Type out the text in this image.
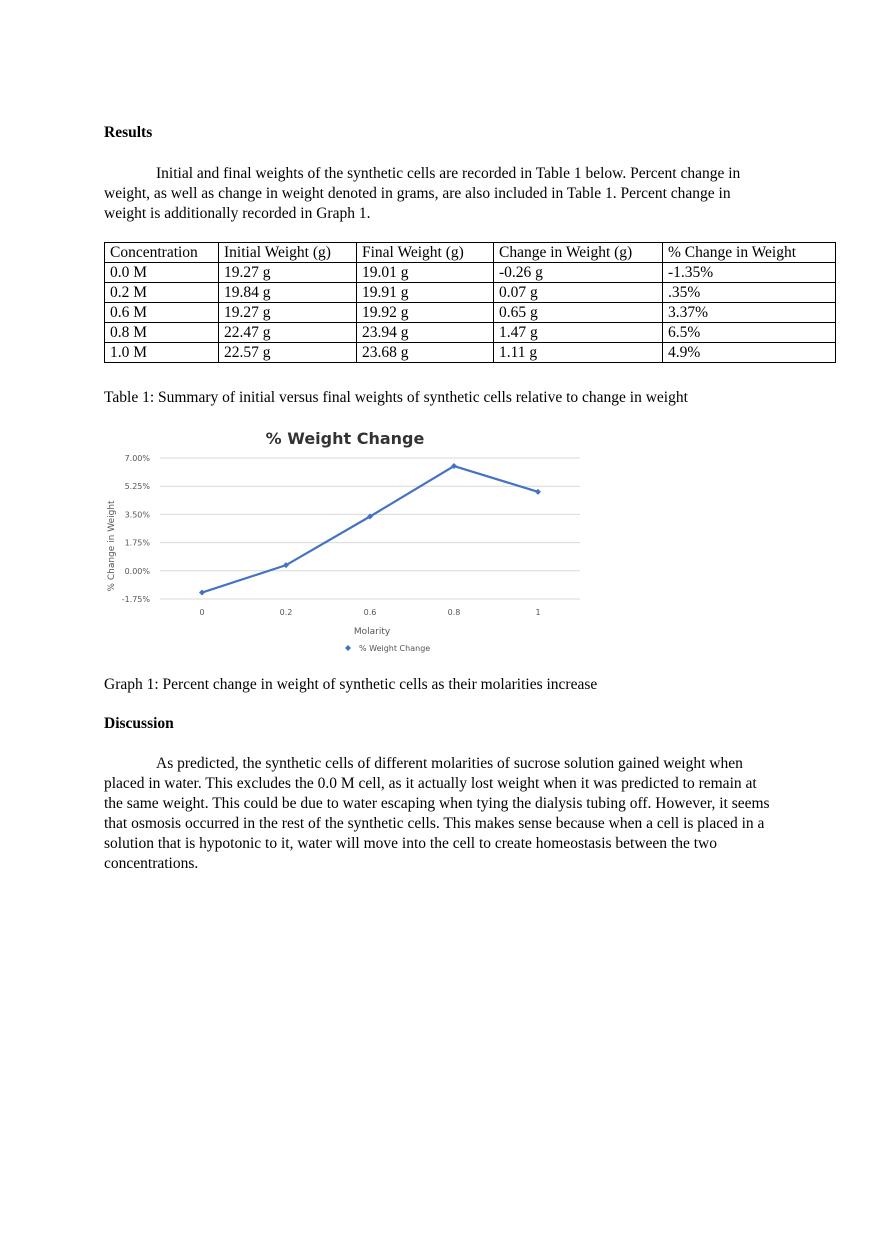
Results
Initial and final weights of the synthetic cells are recorded in Table 1 below. Percent change in weight, as well as change in weight denoted in grams, are also included in Table 1. Percent change in weight is additionally recorded in Graph 1.
Concentration	Initial Weight (g)	Final Weight (g)	Change in Weight (g)	% Change in Weight
0.0 M	19.27 g	19.01 g	-0.26 g	-1.35%
0.2 M	19.84 g	19.91 g	0.07 g	.35%
0.6 M	19.27 g	19.92 g	0.65 g	3.37%
0.8 M	22.47 g	23.94 g	1.47 g	6.5%
1.0 M	22.57 g	23.68 g	1.11 g	4.9%
Table 1: Summary of initial versus final weights of synthetic cells relative to change in weight
% Weight Change
-1.75%
0.00%
1.75%
3.50%
5.25%
7.00%
0	0.2	0.6	0.8	1
% Change in Weight
Molarity
% Weight Change
Graph 1: Percent change in weight of synthetic cells as their molarities increase
Discussion
As predicted, the synthetic cells of different molarities of sucrose solution gained weight when placed in water. This excludes the 0.0 M cell, as it actually lost weight when it was predicted to remain at the same weight. This could be due to water escaping when tying the dialysis tubing off. However, it seems that osmosis occurred in the rest of the synthetic cells. This makes sense because when a cell is placed in a solution that is hypotonic to it, water will move into the cell to create homeostasis between the two concentrations.
